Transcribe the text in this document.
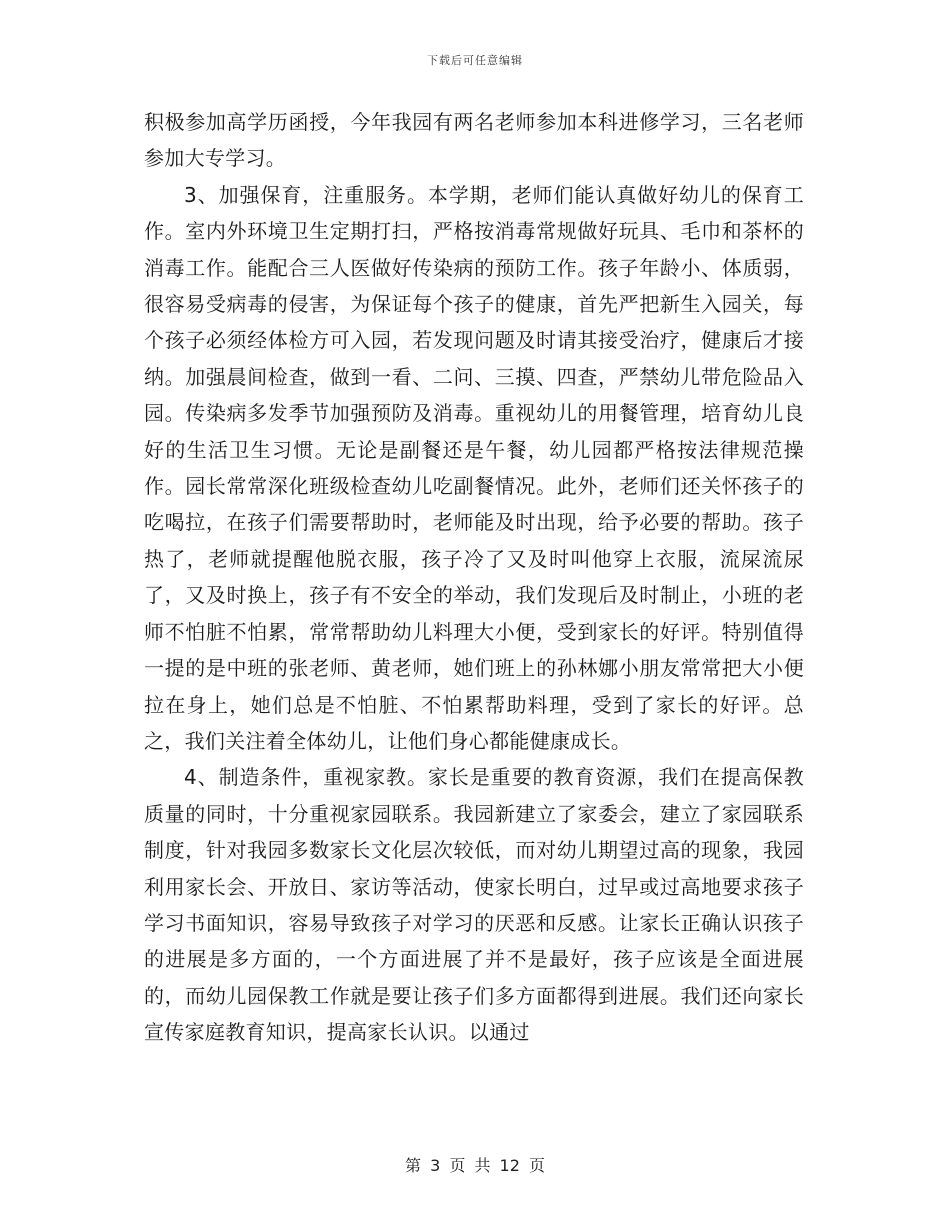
下载后可任意编辑

积极参加高学历函授，今年我园有两名老师参加本科进修学习，三名老师参加大专学习。

3、加强保育，注重服务。本学期，老师们能认真做好幼儿的保育工作。室内外环境卫生定期打扫，严格按消毒常规做好玩具、毛巾和茶杯的消毒工作。能配合三人医做好传染病的预防工作。孩子年龄小、体质弱，很容易受病毒的侵害，为保证每个孩子的健康，首先严把新生入园关，每个孩子必须经体检方可入园，若发现问题及时请其接受治疗，健康后才接纳。加强晨间检查，做到一看、二问、三摸、四查，严禁幼儿带危险品入园。传染病多发季节加强预防及消毒。重视幼儿的用餐管理，培育幼儿良好的生活卫生习惯。无论是副餐还是午餐，幼儿园都严格按法律规范操作。园长常常深化班级检查幼儿吃副餐情况。此外，老师们还关怀孩子的吃喝拉，在孩子们需要帮助时，老师能及时出现，给予必要的帮助。孩子热了，老师就提醒他脱衣服，孩子冷了又及时叫他穿上衣服，流屎流尿了，又及时换上，孩子有不安全的举动，我们发现后及时制止，小班的老师不怕脏不怕累，常常帮助幼儿料理大小便，受到家长的好评。特别值得一提的是中班的张老师、黄老师，她们班上的孙林娜小朋友常常把大小便拉在身上，她们总是不怕脏、不怕累帮助料理，受到了家长的好评。总之，我们关注着全体幼儿，让他们身心都能健康成长。

4、制造条件，重视家教。家长是重要的教育资源，我们在提高保教质量的同时，十分重视家园联系。我园新建立了家委会，建立了家园联系制度，针对我园多数家长文化层次较低，而对幼儿期望过高的现象，我园利用家长会、开放日、家访等活动，使家长明白，过早或过高地要求孩子学习书面知识，容易导致孩子对学习的厌恶和反感。让家长正确认识孩子的进展是多方面的，一个方面进展了并不是最好，孩子应该是全面进展的，而幼儿园保教工作就是要让孩子们多方面都得到进展。我们还向家长宣传家庭教育知识，提高家长认识。以通过

第 3 页 共 12 页
